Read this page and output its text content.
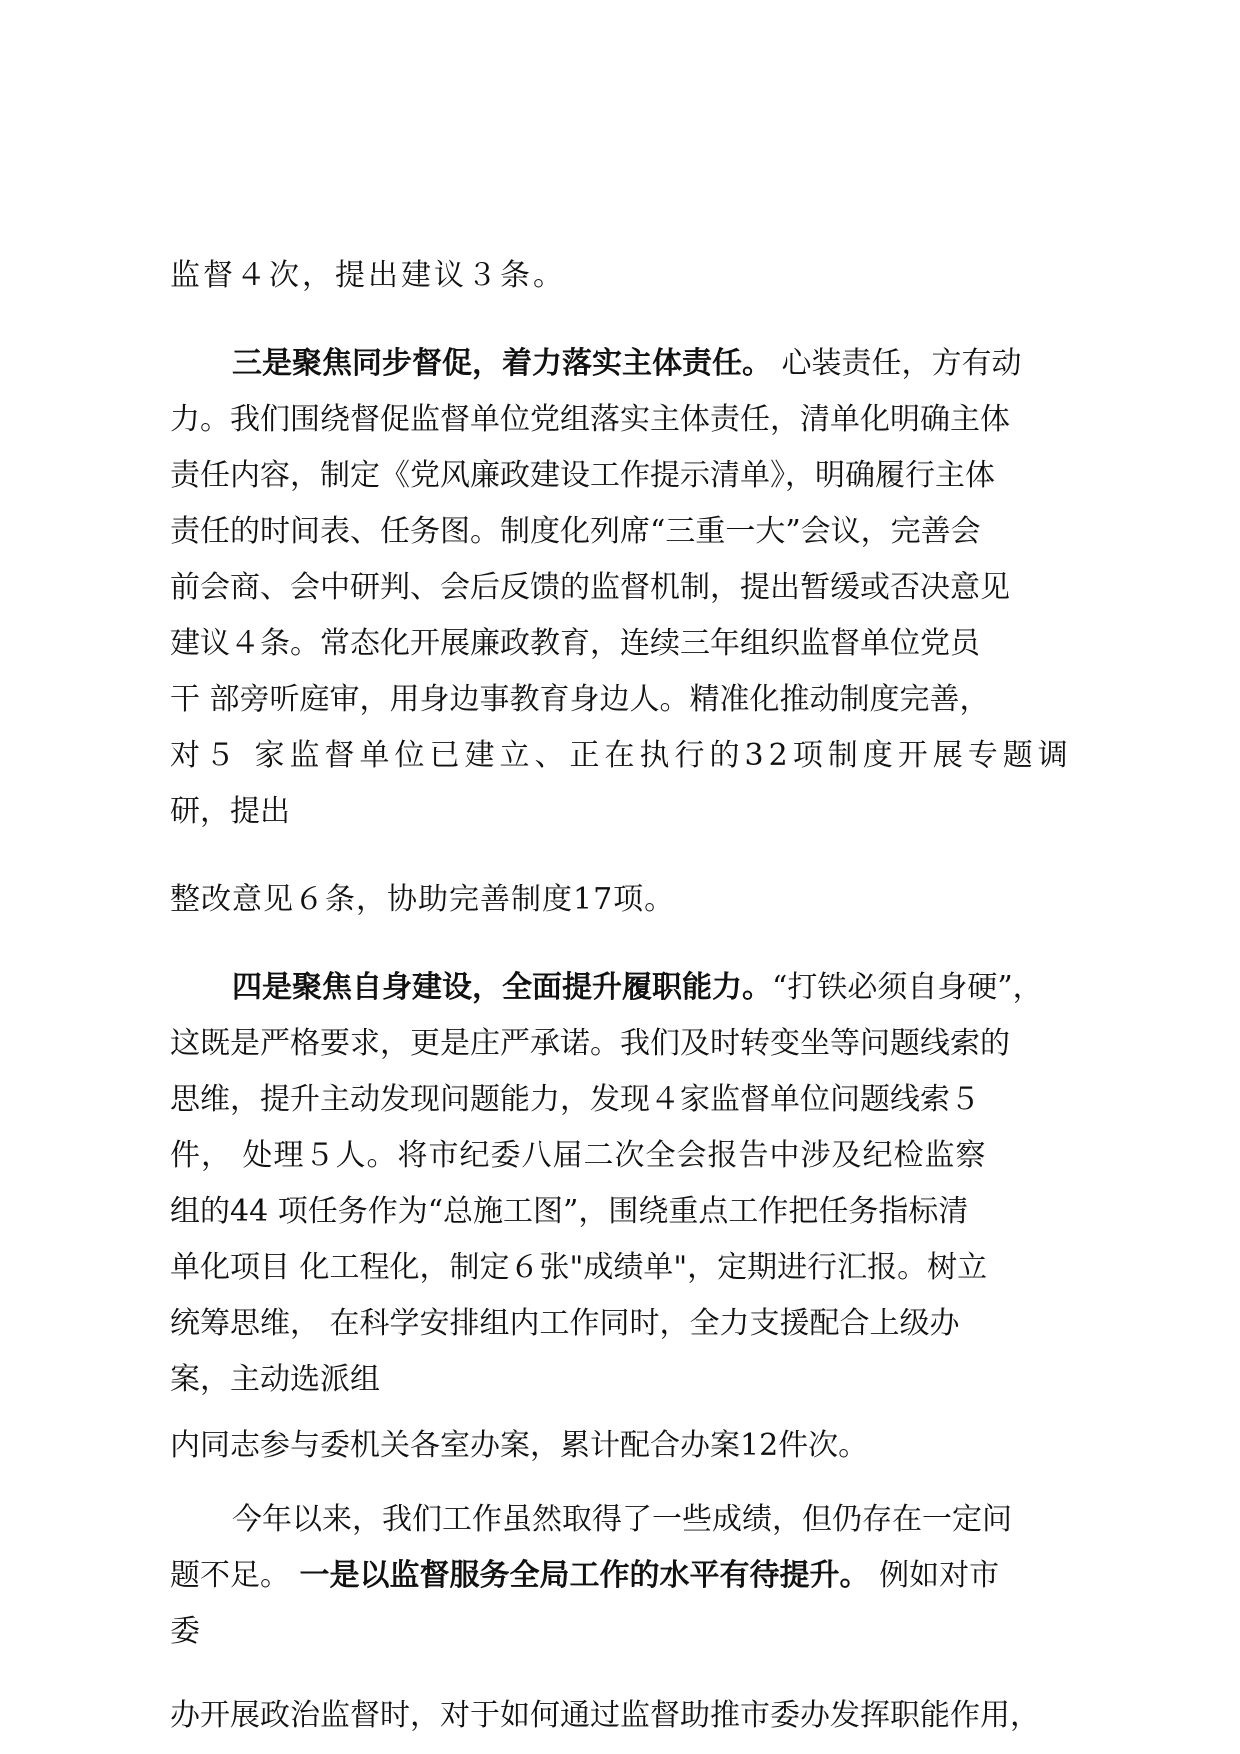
监督４次，提出建议３条。
三是聚焦同步督促，着力落实主体责任。 心装责任，方有动
力。我们围绕督促监督单位党组落实主体责任，清单化明确主体
责任内容，制定《党风廉政建设工作提示清单》，明确履行主体
责任的时间表、任务图。制度化列席“三重一大”会议，完善会
前会商、会中研判、会后反馈的监督机制，提出暂缓或否决意见
建议４条。常态化开展廉政教育，连续三年组织监督单位党员
干 部旁听庭审，用身边事教育身边人。精准化推动制度完善，
对５ 家监督单位已建立、正在执行的32项制度开展专题调
研，提出
整改意见６条，协助完善制度17项。
四是聚焦自身建设，全面提升履职能力。“打铁必须自身硬”，
这既是严格要求，更是庄严承诺。我们及时转变坐等问题线索的
思维，提升主动发现问题能力，发现４家监督单位问题线索５
件， 处理５人。将市纪委八届二次全会报告中涉及纪检监察
组的44 项任务作为“总施工图”，围绕重点工作把任务指标清
单化项目 化工程化，制定６张"成绩单"，定期进行汇报。树立
统筹思维， 在科学安排组内工作同时，全力支援配合上级办
案，主动选派组
内同志参与委机关各室办案，累计配合办案12件次。
今年以来，我们工作虽然取得了一些成绩，但仍存在一定问
题不足。 一是以监督服务全局工作的水平有待提升。 例如对市
委
办开展政治监督时，对于如何通过监督助推市委办发挥职能作用，
